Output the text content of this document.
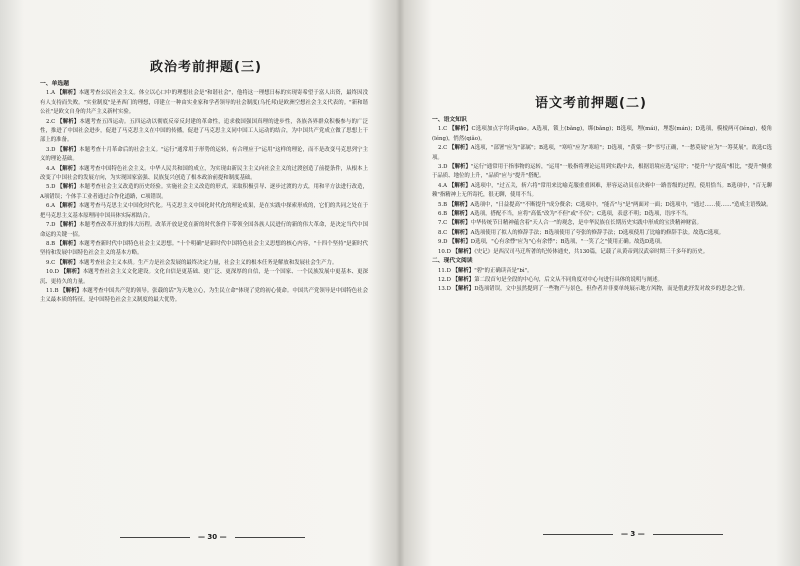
政治考前押题(三)
一、单选题

1.A 【解析】本题考查公民社会主义。体立以心口中的理想社会是"和谐社会"，他将这一理想日标的实现寄希望于富人出资，最终因没有人支持而失败。"实业制度"是圣西门的理想，印建立一种由实业家和学者领导的社会制度(乌托邦)是欧洲空想社会主义代表的。"新和谐公社"是欧文自身的共产主义新村实验。

2.C 【解析】本题考查五四运动。五四运动以彻底反帝反封建的革命性，追求救国强国真理的进步性，各族各界群众积极参与的广泛性，推进了中国社会进步，促进了马克思主义在中国的传播，促进了马克思主义同中国工人运动的结合，为中国共产党成立做了思想上干部上的准备。

3.D 【解析】本题考查十月革命后的社会主义。"运行"通常用于形势的运转，有合理应于"运用"这样的理论，而不是改变马克思列宁主义的理论基础。

4.A 【解析】本题考查中国特色社会主义。中华人民共和国的成立，为实现由新民主主义向社会主义的过渡创造了前提条件，从根本上改变了中国社会的发展方向，为实现国家富强、民族复兴创造了根本政治前提和制度基础。

5.D 【解析】本题考查社会主义改造的历史经验。实施社会主义改造的形式，采取积极引导、逐步过渡的方式，用和平方法进行改造，A项错误；个体手工业者通过合作化道路，C项错误。

6.A 【解析】本题考查马克思主义中国化时代化。马克思主义中国化时代化的理论成果，是在实践中探索形成的，它们的共同之处在于把马克思主义基本原理同中国具体实际相结合。

7.D 【解析】本题考查改革开放的伟大历程。改革开放是党在新的时代条件下带领全国各族人民进行的新的伟大革命，是决定当代中国命运的关键一招。

8.B 【解析】本题考查新时代中国特色社会主义思想。"十个明确"是新时代中国特色社会主义思想的核心内容，"十四个坚持"是新时代坚持和发展中国特色社会主义的基本方略。

9.C 【解析】本题考查社会主义本质。生产力是社会发展的最终决定力量，社会主义的根本任务是解放和发展社会生产力。

10.D 【解析】本题考查社会主义文化建设。文化自信是更基础、更广泛、更深厚的自信，是一个国家、一个民族发展中更基本、更深沉、更持久的力量。

11.B 【解析】本题考查中国共产党的领导。张载的话"为天地立心，为生民立命"体现了党的初心使命。中国共产党领导是中国特色社会主义最本质的特征，是中国特色社会主义制度的最大优势。

— 30 —
语文考前押题(二)
一、语文知识

1.C 【解析】C选项加点字均读qiāo。A选项，锁上(bǎng)，绑(bǎng)；B选项，埋(mái)，埋怨(mán)；D选项，模棱两可(léng)，棱角(léng)，悄然(qiǎo)。

2.C 【解析】A选项，"部署"应为"部属"；B选项，"寒喧"应为"寒暄"；D选项，"黄粱一梦"书写正确，"一愁莫展"应为"一筹莫展"。故选C选项。

3.D 【解析】"运行"通常用于指事物的运转，"运用"一般指将理论运用到实践中去，根据语境应选"运用"；"提升"与"提高"相比，"提升"侧重于品质、地位的上升，"品质"应与"提升"搭配。

4.A 【解析】A选项中，"过五关，斩六将"常用来比喻克服重重困难，形容运动员在决赛中一路晋级的过程，使用恰当。B选项中，"百无聊赖"指精神上无所寄托，很无聊，使用不当。

5.B 【解析】A选项中，"日益提高""不断提升"成分赘余；C选项中，"能否"与"是"两面对一面；D选项中，"通过……使……"造成主语残缺。

6.B 【解析】A选项，搭配不当，应将"高低"改为"不但"或"不仅"；C选项，表意不明；D选项，语序不当。

7.C 【解析】中华传统节日精神蕴含着"天人合一"的观念，是中华民族在长期历史实践中形成的宝贵精神财富。

8.C 【解析】A选项使用了拟人的修辞手法；B选项使用了夸张的修辞手法；D选项使用了比喻的修辞手法。故选C选项。

9.D 【解析】D选项，"心有余悸"应为"心有余悸"；B选项，"一笑了之"使用正确。故选D选项。

10.D 【解析】《史记》是西汉司马迁所著的纪传体通史，共130篇，记载了从黄帝到汉武帝时期三千多年的历史。

二、现代文阅读

11.D 【解析】"碧"的正确读音是"bì"。

12.D 【解析】第二段首句是全段的中心句，后文从不同角度对中心句进行具体的说明与阐述。

13.D 【解析】D选项错误，文中虽然提到了一些物产与景色，但作者并非要单纯展示地方风物，而是借此抒发对故乡的思念之情。

— 3 —
